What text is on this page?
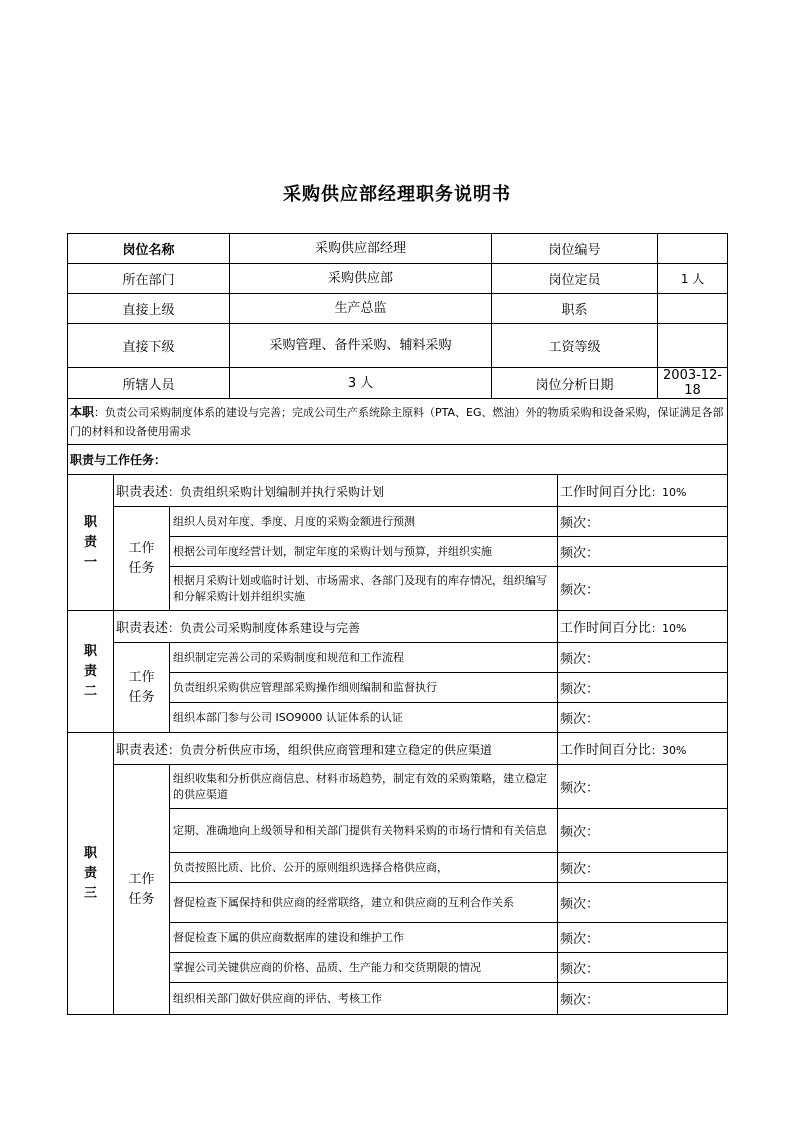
采购供应部经理职务说明书
岗位名称			采购供应部经理	岗位编号		
所在部门			采购供应部	岗位定员		1 人
直接上级			生产总监	职系		
直接下级			采购管理、备件采购、辅料采购	工资等级		
所辖人员			3 人	岗位分析日期		2003-12-18
本职：负责公司采购制度体系的建设与完善；完成公司生产系统除主原料（PTA、EG、燃油）外的物质采购和设备采购，保证满足各部门的材料和设备使用需求						
职责与工作任务：						

职
责
一	职责表述：负责组织采购计划编制并执行采购计划				工作时间百分比：10%	

	工作任务	组织人员对年度、季度、月度的采购金额进行预测			频次：	
		根据公司年度经营计划，制定年度的采购计划与预算，并组织实施			频次：	
		根据月采购计划或临时计划、市场需求、各部门及现有的库存情况，组织编写和分解采购计划并组织实施			频次：	

职
责
二	职责表述：负责公司采购制度体系建设与完善				工作时间百分比：10%	

	工作任务	组织制定完善公司的采购制度和规范和工作流程			频次：	
		负责组织采购供应管理部采购操作细则编制和监督执行			频次：	
		组织本部门参与公司 ISO9000 认证体系的认证			频次：	

职
责
三	职责表述：负责分析供应市场，组织供应商管理和建立稳定的供应渠道				工作时间百分比：30%	

	工作任务	组织收集和分析供应商信息、材料市场趋势，制定有效的采购策略，建立稳定的供应渠道			频次：	
		定期、准确地向上级领导和相关部门提供有关物料采购的市场行情和有关信息			频次：	
		负责按照比质、比价、公开的原则组织选择合格供应商，			频次：	
		督促检查下属保持和供应商的经常联络，建立和供应商的互利合作关系			频次：	
		督促检查下属的供应商数据库的建设和维护工作			频次：	
		掌握公司关键供应商的价格、品质、生产能力和交货期限的情况			频次：	
		组织相关部门做好供应商的评估、考核工作			频次：	
